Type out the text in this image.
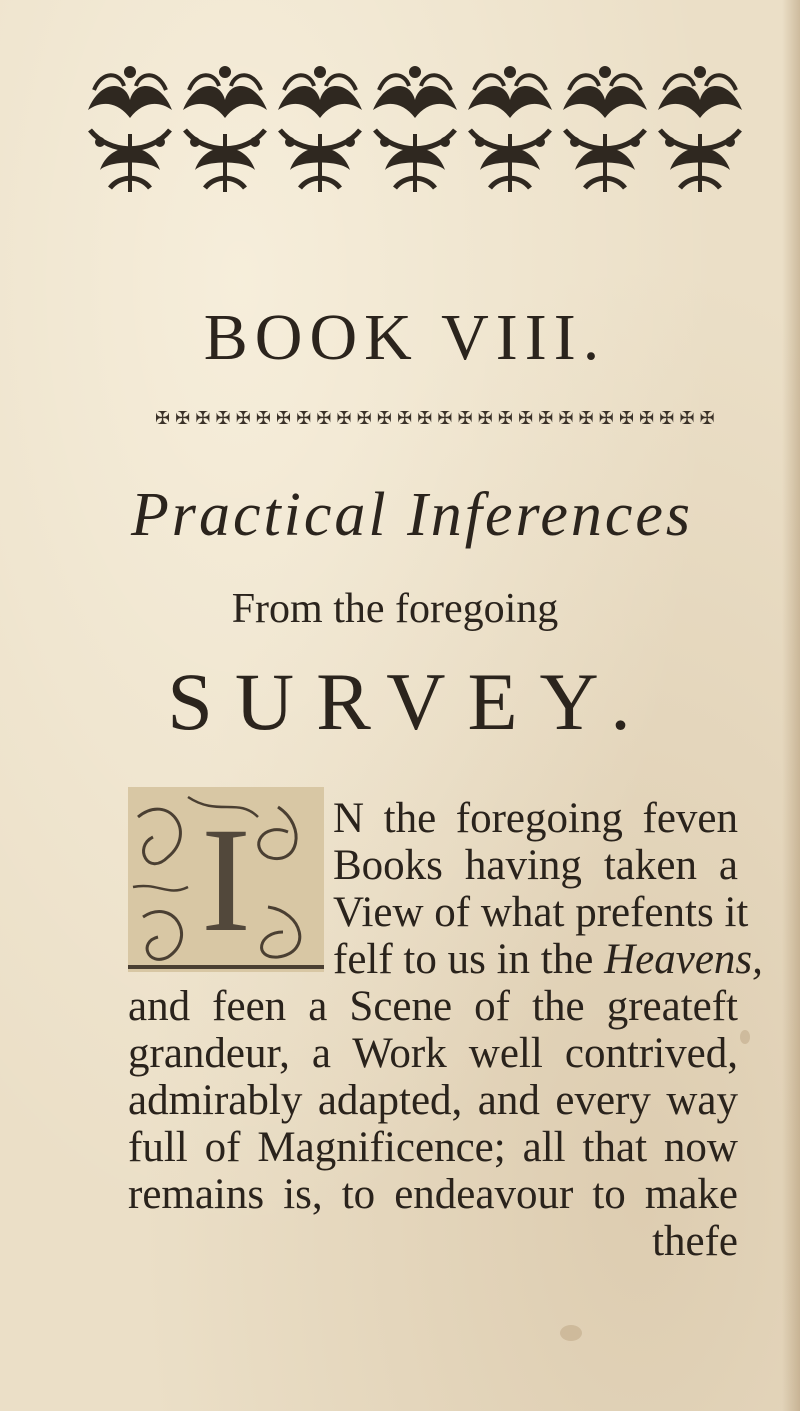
BOOK VIII.
✠ ✠ ✠ ✠ ✠ ✠ ✠ ✠ ✠ ✠ ✠ ✠ ✠ ✠ ✠ ✠ ✠ ✠ ✠ ✠ ✠ ✠ ✠ ✠ ✠ ✠ ✠ ✠
Practical Inferences
From the foregoing
SURVEY.
I	N the foregoing feven
Books having taken a
View of what prefents it
felf to us in the Heavens,
and feen a Scene of the greateft
grandeur, a Work well contrived,
admirably adapted, and every way
full of Magnificence; all that now
remains is, to endeavour to make
thefe
